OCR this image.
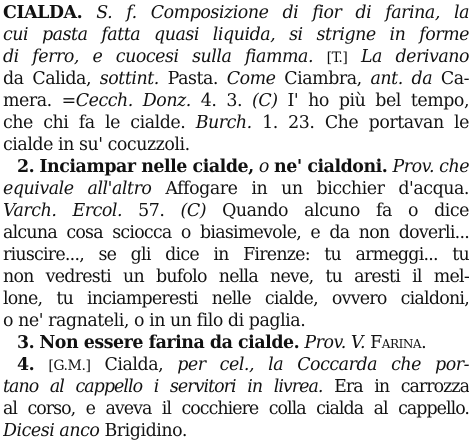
CIALDA. S. f. Composizione di fior di farina, la
cui pasta fatta quasi liquida, si strigne in forme
di ferro, e cuocesi sulla fiamma. [T.] La derivano
da Calida, sottint. Pasta. Come Ciambra, ant. da Ca-
mera. =Cecch. Donz. 4. 3. (C) I' ho più bel tempo,
che chi fa le cialde. Burch. 1. 23. Che portavan le
cialde in su' cocuzzoli.
2. Inciampar nelle cialde, o ne' cialdoni. Prov. che
equivale all'altro Affogare in un bicchier d'acqua.
Varch. Ercol. 57. (C) Quando alcuno fa o dice
alcuna cosa sciocca o biasimevole, e da non doverli...
riuscire..., se gli dice in Firenze: tu armeggi... tu
non vedresti un bufolo nella neve, tu aresti il mel-
lone, tu inciamperesti nelle cialde, ovvero cialdoni,
o ne' ragnateli, o in un filo di paglia.
3. Non essere farina da cialde. Prov. V. Farina.
4. [G.M.] Cialda, per cel., la Coccarda che por-
tano al cappello i servitori in livrea. Era in carrozza
al corso, e aveva il cocchiere colla cialda al cappello.
Dicesi anco Brigidino.
